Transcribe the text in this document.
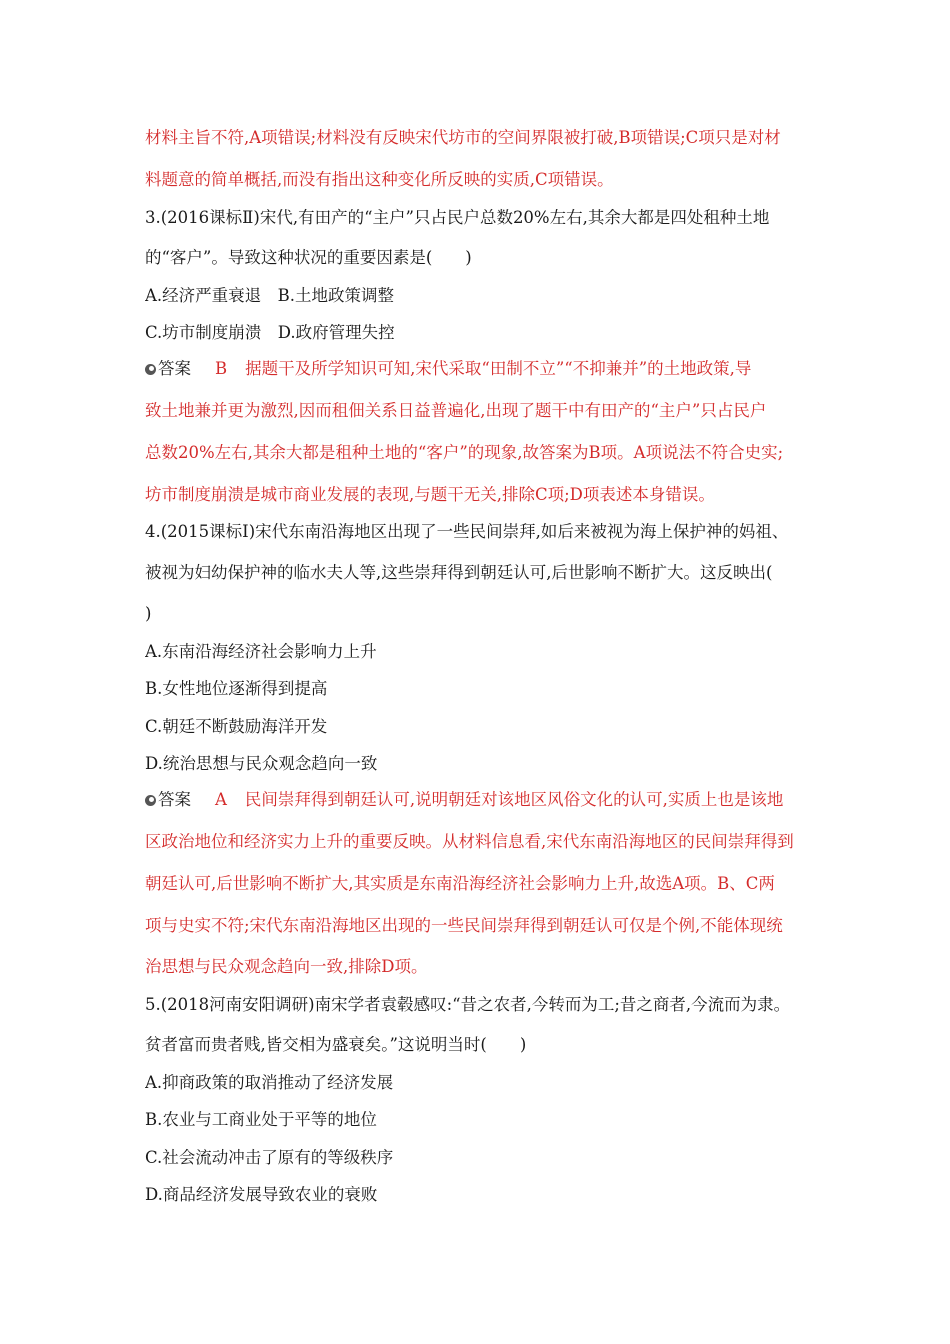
材料主旨不符,A项错误;材料没有反映宋代坊市的空间界限被打破,B项错误;C项只是对材
料题意的简单概括,而没有指出这种变化所反映的实质,C项错误。
3.(2016课标Ⅱ)宋代,有田产的“主户”只占民户总数20%左右,其余大都是四处租种土地
的“客户”。导致这种状况的重要因素是(　　)
A.经济严重衰退　B.土地政策调整
C.坊市制度崩溃　D.政府管理失控
答案 B 据题干及所学知识可知,宋代采取“田制不立”“不抑兼并”的土地政策,导
致土地兼并更为激烈,因而租佃关系日益普遍化,出现了题干中有田产的“主户”只占民户
总数20%左右,其余大都是租种土地的“客户”的现象,故答案为B项。A项说法不符合史实;
坊市制度崩溃是城市商业发展的表现,与题干无关,排除C项;D项表述本身错误。
4.(2015课标Ⅰ)宋代东南沿海地区出现了一些民间崇拜,如后来被视为海上保护神的妈祖、
被视为妇幼保护神的临水夫人等,这些崇拜得到朝廷认可,后世影响不断扩大。这反映出(
)
A.东南沿海经济社会影响力上升
B.女性地位逐渐得到提高
C.朝廷不断鼓励海洋开发
D.统治思想与民众观念趋向一致
答案 A 民间崇拜得到朝廷认可,说明朝廷对该地区风俗文化的认可,实质上也是该地
区政治地位和经济实力上升的重要反映。从材料信息看,宋代东南沿海地区的民间崇拜得到
朝廷认可,后世影响不断扩大,其实质是东南沿海经济社会影响力上升,故选A项。B、C两
项与史实不符;宋代东南沿海地区出现的一些民间崇拜得到朝廷认可仅是个例,不能体现统
治思想与民众观念趋向一致,排除D项。
5.(2018河南安阳调研)南宋学者袁毂感叹:“昔之农者,今转而为工;昔之商者,今流而为隶。
贫者富而贵者贱,皆交相为盛衰矣。”这说明当时(　　)
A.抑商政策的取消推动了经济发展
B.农业与工商业处于平等的地位
C.社会流动冲击了原有的等级秩序
D.商品经济发展导致农业的衰败
